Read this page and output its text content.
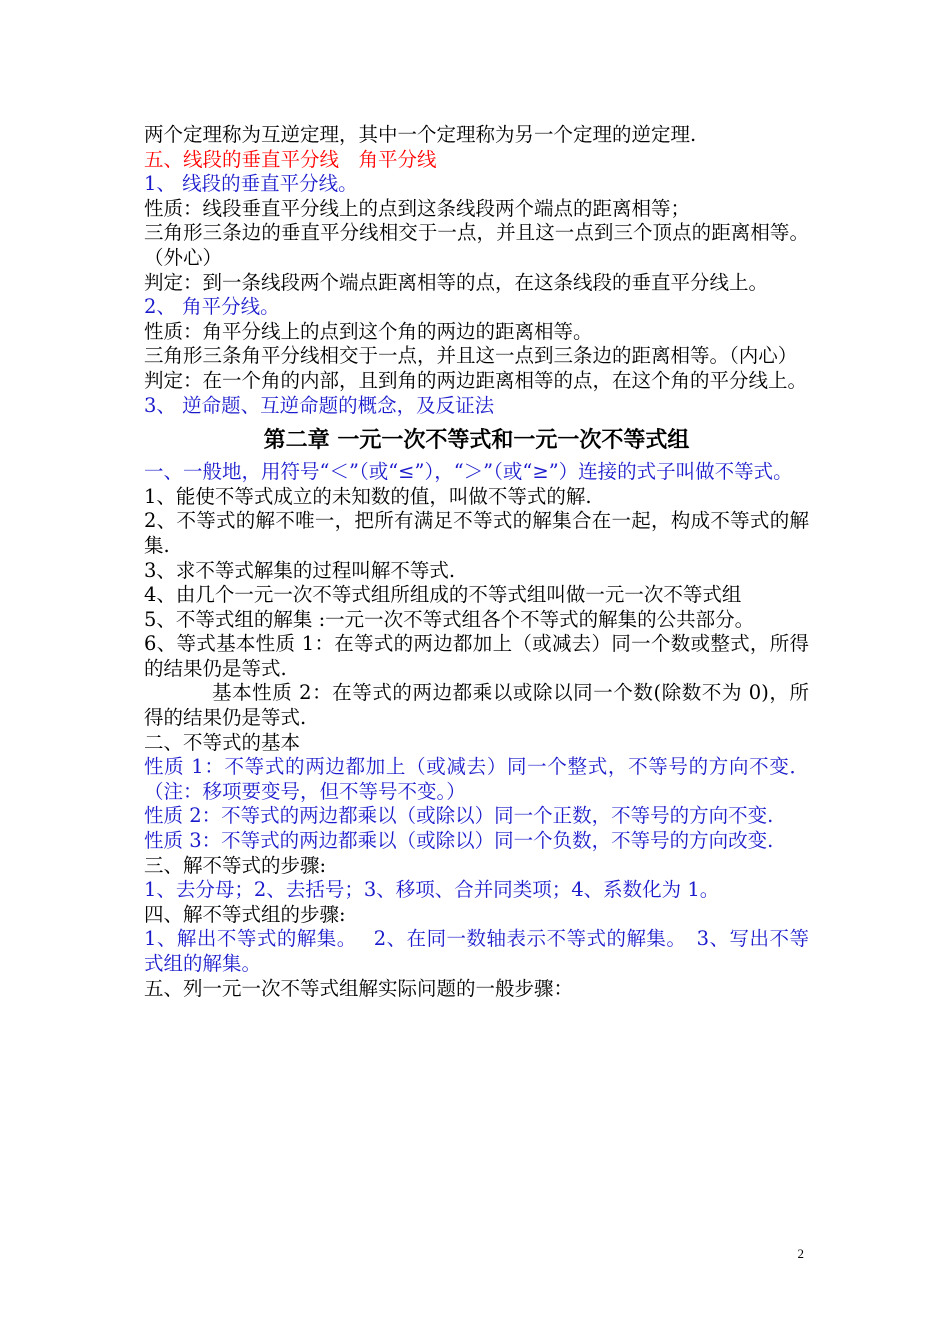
两个定理称为互逆定理，其中一个定理称为另一个定理的逆定理.

五、线段的垂直平分线　角平分线

1、 线段的垂直平分线。

性质：线段垂直平分线上的点到这条线段两个端点的距离相等；

三角形三条边的垂直平分线相交于一点，并且这一点到三个顶点的距离相等。（外心）

判定：到一条线段两个端点距离相等的点，在这条线段的垂直平分线上。

2、 角平分线。

性质：角平分线上的点到这个角的两边的距离相等。

三角形三条角平分线相交于一点，并且这一点到三条边的距离相等。（内心）

判定：在一个角的内部，且到角的两边距离相等的点，在这个角的平分线上。

3、 逆命题、互逆命题的概念，及反证法

第二章 一元一次不等式和一元一次不等式组

一、一般地，用符号“＜”（或“≤”），“＞”（或“≥”）连接的式子叫做不等式。

1、能使不等式成立的未知数的值，叫做不等式的解.

2、不等式的解不唯一，把所有满足不等式的解集合在一起，构成不等式的解集.

3、求不等式解集的过程叫解不等式.

4、由几个一元一次不等式组所组成的不等式组叫做一元一次不等式组

5、不等式组的解集 :一元一次不等式组各个不等式的解集的公共部分。

6、等式基本性质 1：在等式的两边都加上（或减去）同一个数或整式，所得的结果仍是等式.

基本性质 2：在等式的两边都乘以或除以同一个数(除数不为 0)，所得的结果仍是等式.

二、不等式的基本

性质 1：不等式的两边都加上（或减去）同一个整式，不等号的方向不变．（注：移项要变号，但不等号不变。）

性质 2：不等式的两边都乘以（或除以）同一个正数，不等号的方向不变.

性质 3：不等式的两边都乘以（或除以）同一个负数，不等号的方向改变.

三、解不等式的步骤:

1、去分母；2、去括号；3、移项、合并同类项；4、系数化为 1。

四、解不等式组的步骤:

1、解出不等式的解集。　 2、在同一数轴表示不等式的解集。　3、写出不等式组的解集。

五、列一元一次不等式组解实际问题的一般步骤：

2
